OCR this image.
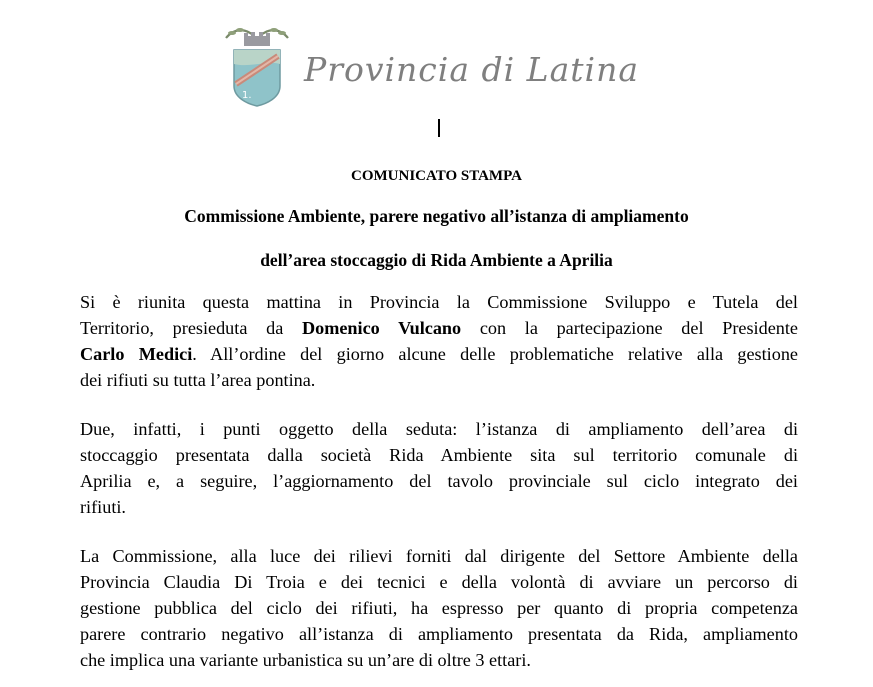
1.
Provincia di Latina
COMUNICATO STAMPA
Commissione Ambiente, parere negativo all’istanza di ampliamento
dell’area stoccaggio di Rida Ambiente a Aprilia
Si è riunita questa mattina in Provincia la Commissione Sviluppo e Tutela del
Territorio, presieduta da Domenico Vulcano con la partecipazione del Presidente
Carlo Medici. All’ordine del giorno alcune delle problematiche relative alla gestione
dei rifiuti su tutta l’area pontina.
Due, infatti, i punti oggetto della seduta: l’istanza di ampliamento dell’area di
stoccaggio presentata dalla società Rida Ambiente sita sul territorio comunale di
Aprilia e, a seguire, l’aggiornamento del tavolo provinciale sul ciclo integrato dei
rifiuti.
La Commissione, alla luce dei rilievi forniti dal dirigente del Settore Ambiente della
Provincia Claudia Di Troia e dei tecnici e della volontà di avviare un percorso di
gestione pubblica del ciclo dei rifiuti, ha espresso per quanto di propria competenza
parere contrario negativo all’istanza di ampliamento presentata da Rida, ampliamento
che implica una variante urbanistica su un’are di oltre 3 ettari.
